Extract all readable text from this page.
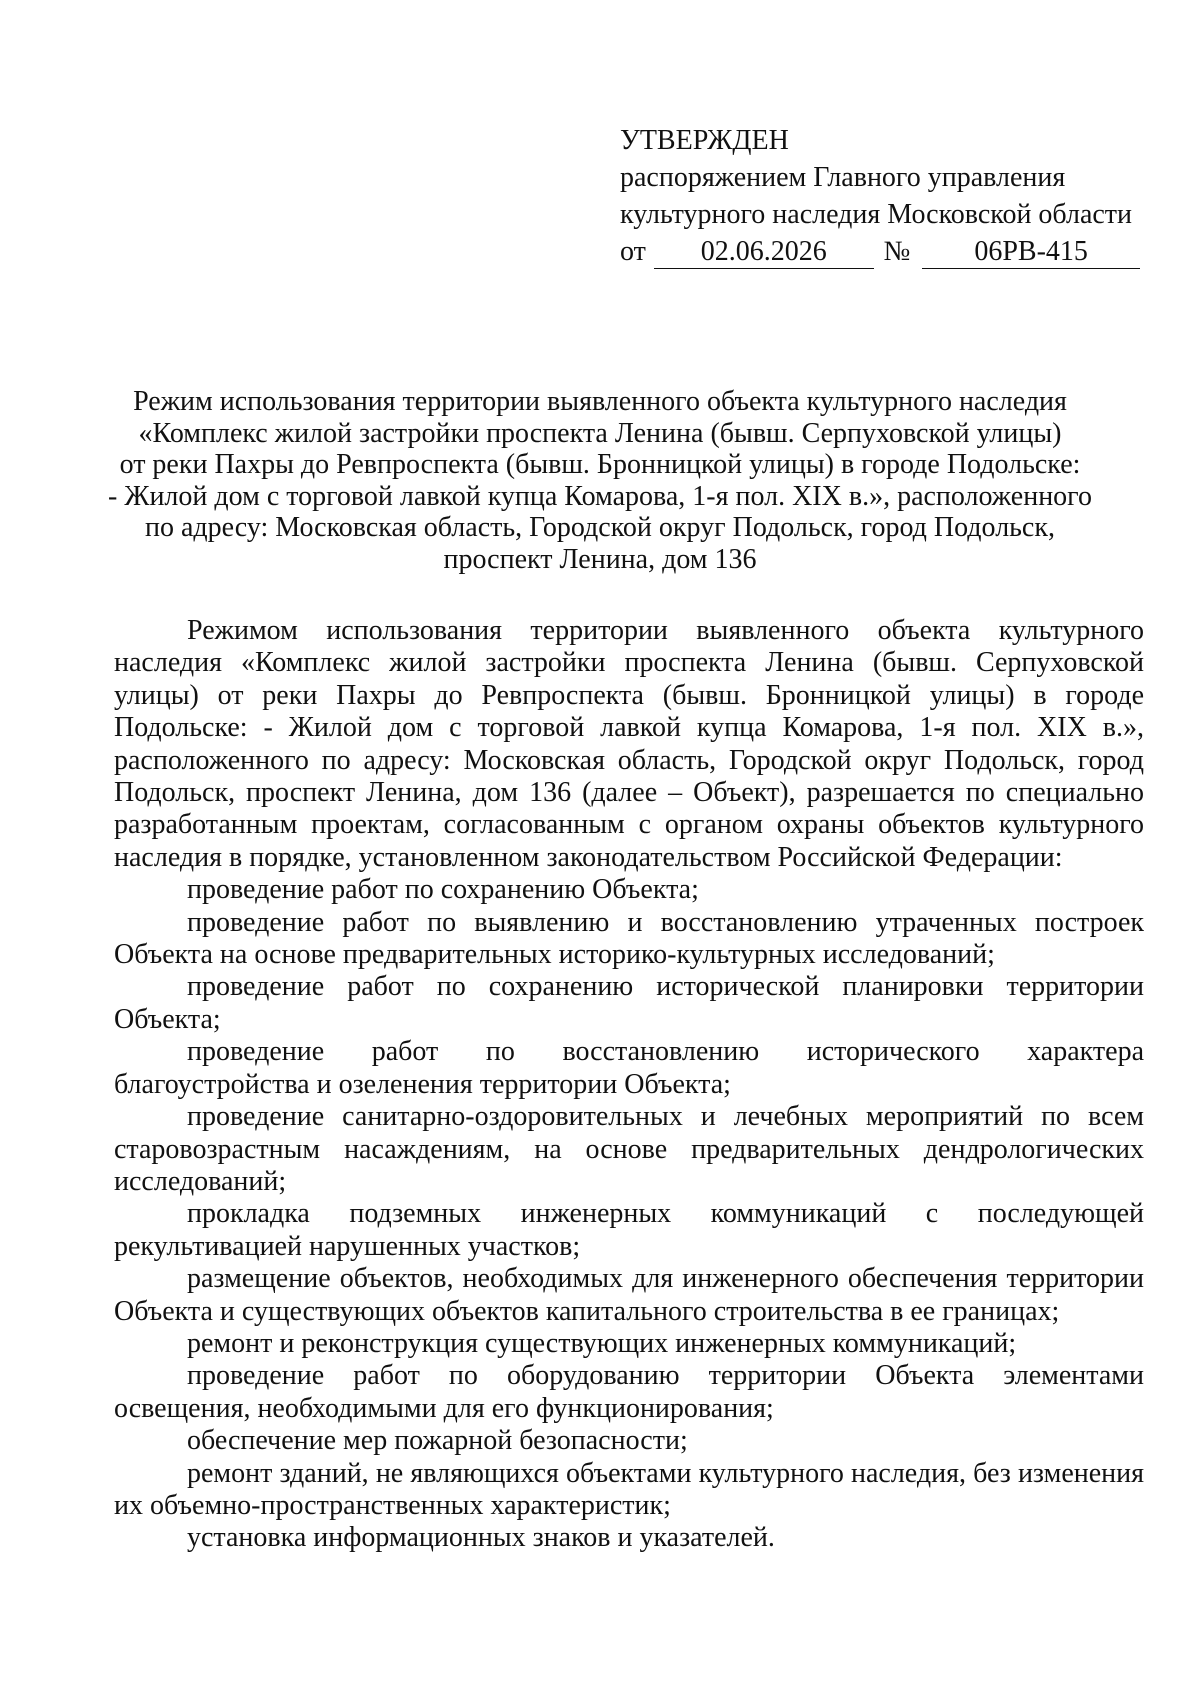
УТВЕРЖДЕН
распоряжением Главного управления
культурного наследия Московской области
от	02.06.2026	№	06РВ-415
Режим использования территории выявленного объекта культурного наследия
«Комплекс жилой застройки проспекта Ленина (бывш. Серпуховской улицы)
от реки Пахры до Ревпроспекта (бывш. Бронницкой улицы) в городе Подольске:
- Жилой дом с торговой лавкой купца Комарова, 1-я пол. XIX в.», расположенного
по адресу: Московская область, Городской округ Подольск, город Подольск,
проспект Ленина, дом 136
Режимом использования территории выявленного объекта культурного
наследия «Комплекс жилой застройки проспекта Ленина (бывш. Серпуховской
улицы) от реки Пахры до Ревпроспекта (бывш. Бронницкой улицы) в городе
Подольске: - Жилой дом с торговой лавкой купца Комарова, 1-я пол. XIX в.»,
расположенного по адресу: Московская область, Городской округ Подольск, город
Подольск, проспект Ленина, дом 136 (далее – Объект), разрешается по специально
разработанным проектам, согласованным с органом охраны объектов культурного
наследия в порядке, установленном законодательством Российской Федерации:
проведение работ по сохранению Объекта;
проведение работ по выявлению и восстановлению утраченных построек
Объекта на основе предварительных историко-культурных исследований;
проведение работ по сохранению исторической планировки территории
Объекта;
проведение работ по восстановлению исторического характера
благоустройства и озеленения территории Объекта;
проведение санитарно-оздоровительных и лечебных мероприятий по всем
старовозрастным насаждениям, на основе предварительных дендрологических
исследований;
прокладка подземных инженерных коммуникаций с последующей
рекультивацией нарушенных участков;
размещение объектов, необходимых для инженерного обеспечения территории
Объекта и существующих объектов капитального строительства в ее границах;
ремонт и реконструкция существующих инженерных коммуникаций;
проведение работ по оборудованию территории Объекта элементами
освещения, необходимыми для его функционирования;
обеспечение мер пожарной безопасности;
ремонт зданий, не являющихся объектами культурного наследия, без изменения
их объемно-пространственных характеристик;
установка информационных знаков и указателей.
